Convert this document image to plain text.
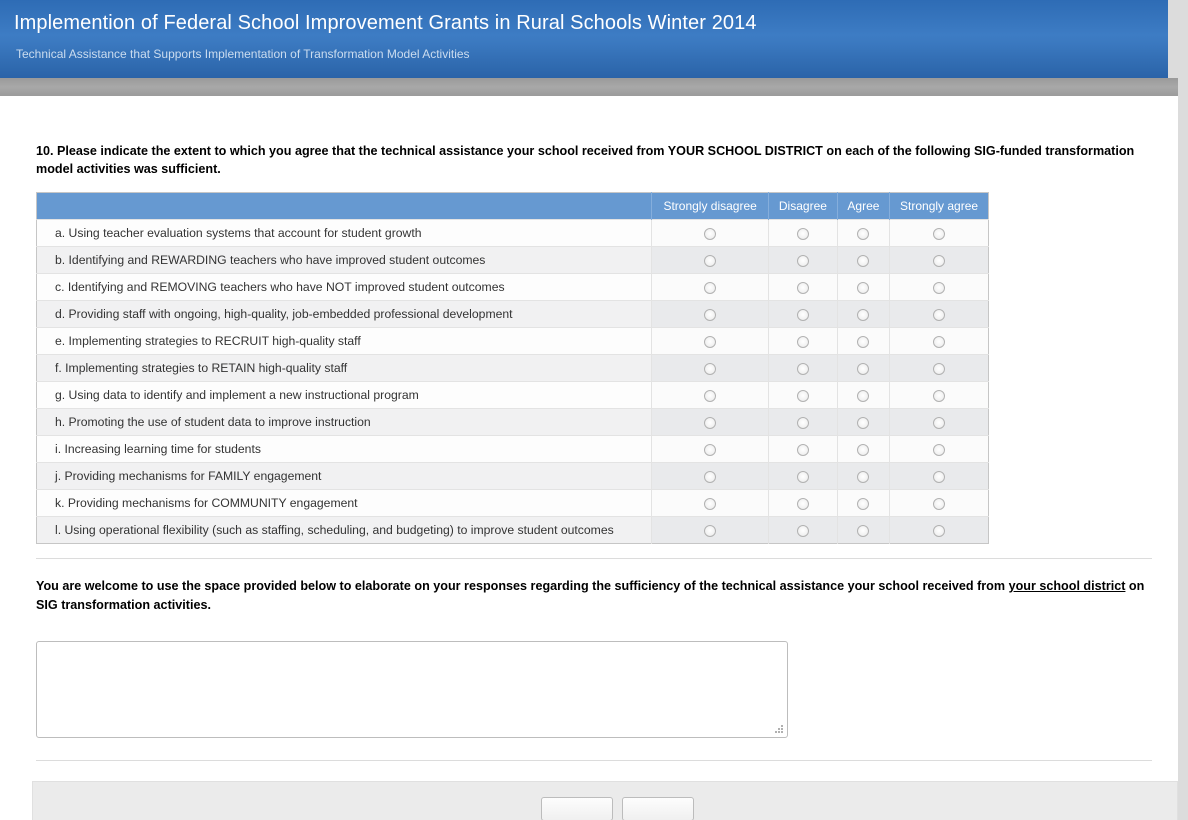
Implemention of Federal School Improvement Grants in Rural Schools Winter 2014
Technical Assistance that Supports Implementation of Transformation Model Activities
10. Please indicate the extent to which you agree that the technical assistance your school received from YOUR SCHOOL DISTRICT on each of the following SIG-funded transformation model activities was sufficient.
	Strongly disagree	Disagree	Agree	Strongly agree
a. Using teacher evaluation systems that account for student growth				
b. Identifying and REWARDING teachers who have improved student outcomes				
c. Identifying and REMOVING teachers who have NOT improved student outcomes				
d. Providing staff with ongoing, high-quality, job-embedded professional development				
e. Implementing strategies to RECRUIT high-quality staff				
f. Implementing strategies to RETAIN high-quality staff				
g. Using data to identify and implement a new instructional program				
h. Promoting the use of student data to improve instruction				
i. Increasing learning time for students				
j. Providing mechanisms for FAMILY engagement				
k. Providing mechanisms for COMMUNITY engagement				
l. Using operational flexibility (such as staffing, scheduling, and budgeting) to improve student outcomes				
You are welcome to use the space provided below to elaborate on your responses regarding the sufficiency of the technical assistance your school received from your school district on SIG transformation activities.
